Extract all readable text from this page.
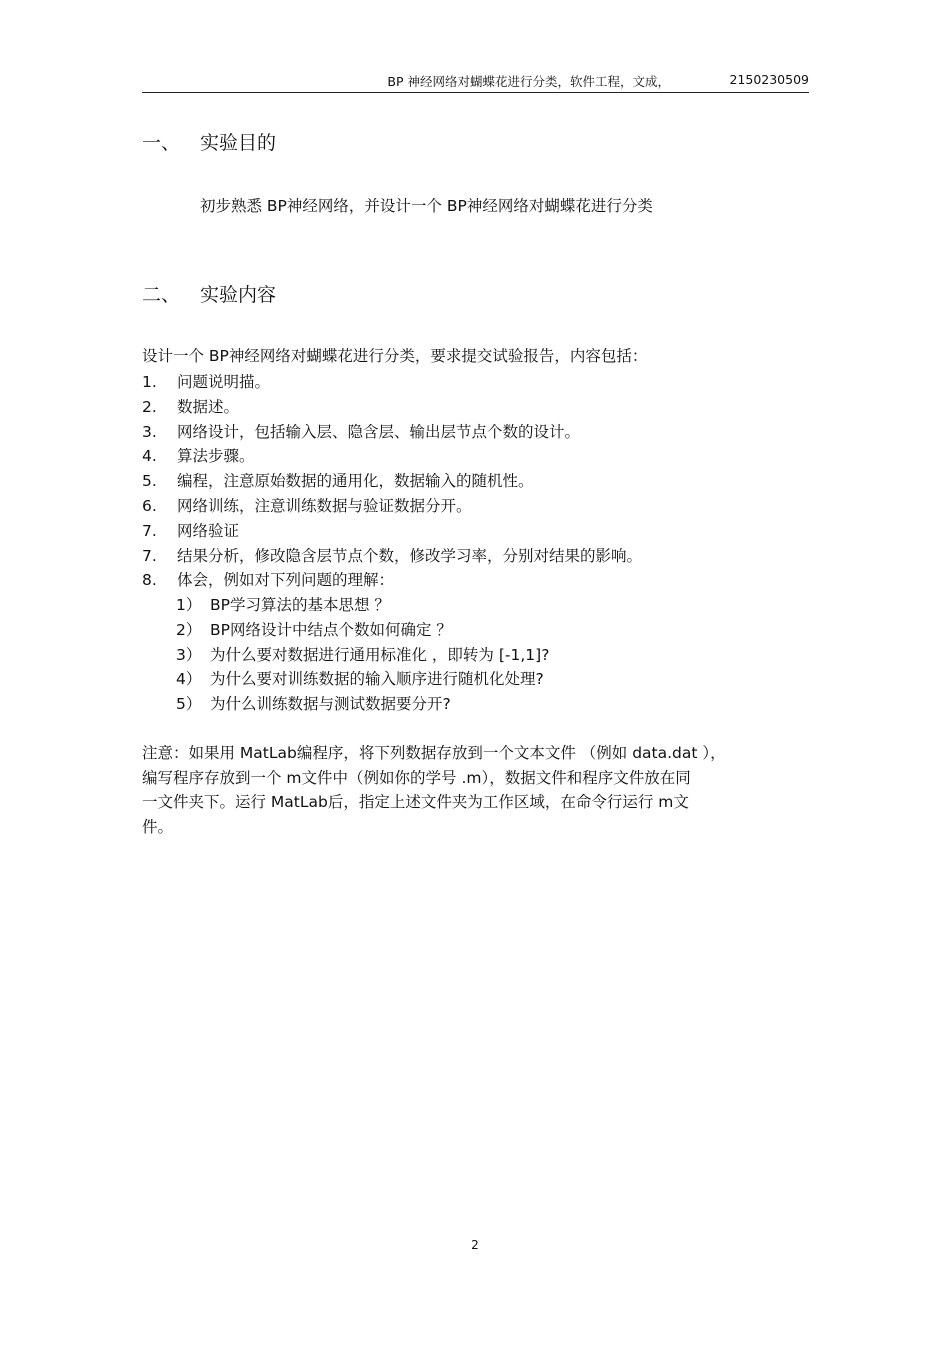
BP 神经网络对蝴蝶花进行分类，软件工程，文成，	2150230509
一、 实验目的
初步熟悉 BP神经网络，并设计一个 BP神经网络对蝴蝶花进行分类
二、 实验内容
设计一个 BP神经网络对蝴蝶花进行分类，要求提交试验报告，内容包括：
1. 问题说明描。
2. 数据述。
3. 网络设计，包括输入层、隐含层、输出层节点个数的设计。
4. 算法步骤。
5. 编程，注意原始数据的通用化，数据输入的随机性。
6. 网络训练，注意训练数据与验证数据分开。
7. 网络验证
7. 结果分析，修改隐含层节点个数，修改学习率，分别对结果的影响。
8. 体会，例如对下列问题的理解：
1） BP学习算法的基本思想 ？
2） BP网络设计中结点个数如何确定 ？
3） 为什么要对数据进行通用标准化 ，即转为 [-1,1]?
4） 为什么要对训练数据的输入顺序进行随机化处理?
5） 为什么训练数据与测试数据要分开?
注意：如果用 MatLab编程序，将下列数据存放到一个文本文件 （例如 data.dat ），
编写程序存放到一个 m文件中（例如你的学号 .m），数据文件和程序文件放在同
一文件夹下。运行 MatLab后，指定上述文件夹为工作区域，在命令行运行 m文
件。
2
